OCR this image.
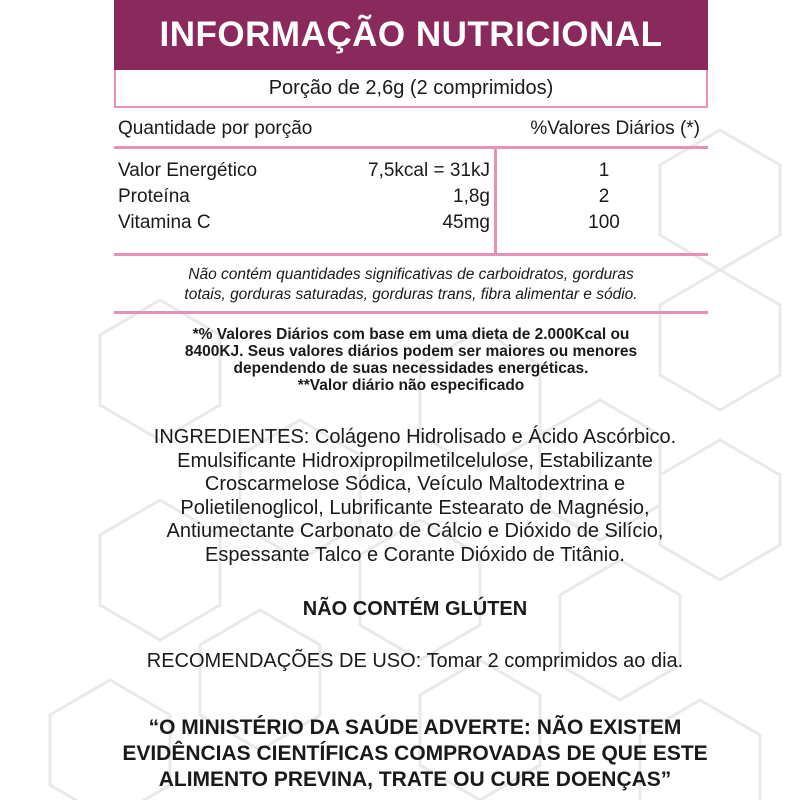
INFORMAÇÃO NUTRICIONAL
Porção de 2,6g (2 comprimidos)
Quantidade por porção	%Valores Diários (*)
Valor Energético	7,5kcal = 31kJ	1
Proteína	1,8g	2
Vitamina C	45mg	100
Não contém quantidades significativas de carboidratos, gorduras
totais, gorduras saturadas, gorduras trans, fibra alimentar e sódio.
*% Valores Diários com base em uma dieta de 2.000Kcal ou
8400KJ. Seus valores diários podem ser maiores ou menores
dependendo de suas necessidades energéticas.
**Valor diário não especificado
INGREDIENTES: Colágeno Hidrolisado e Ácido Ascórbico.
Emulsificante Hidroxipropilmetilcelulose, Estabilizante
Croscarmelose Sódica, Veículo Maltodextrina e
Polietilenoglicol, Lubrificante Estearato de Magnésio,
Antiumectante Carbonato de Cálcio e Dióxido de Silício,
Espessante Talco e Corante Dióxido de Titânio.
NÃO CONTÉM GLÚTEN
RECOMENDAÇÕES DE USO: Tomar 2 comprimidos ao dia.
“O MINISTÉRIO DA SAÚDE ADVERTE: NÃO EXISTEM
EVIDÊNCIAS CIENTÍFICAS COMPROVADAS DE QUE ESTE
ALIMENTO PREVINA, TRATE OU CURE DOENÇAS”
